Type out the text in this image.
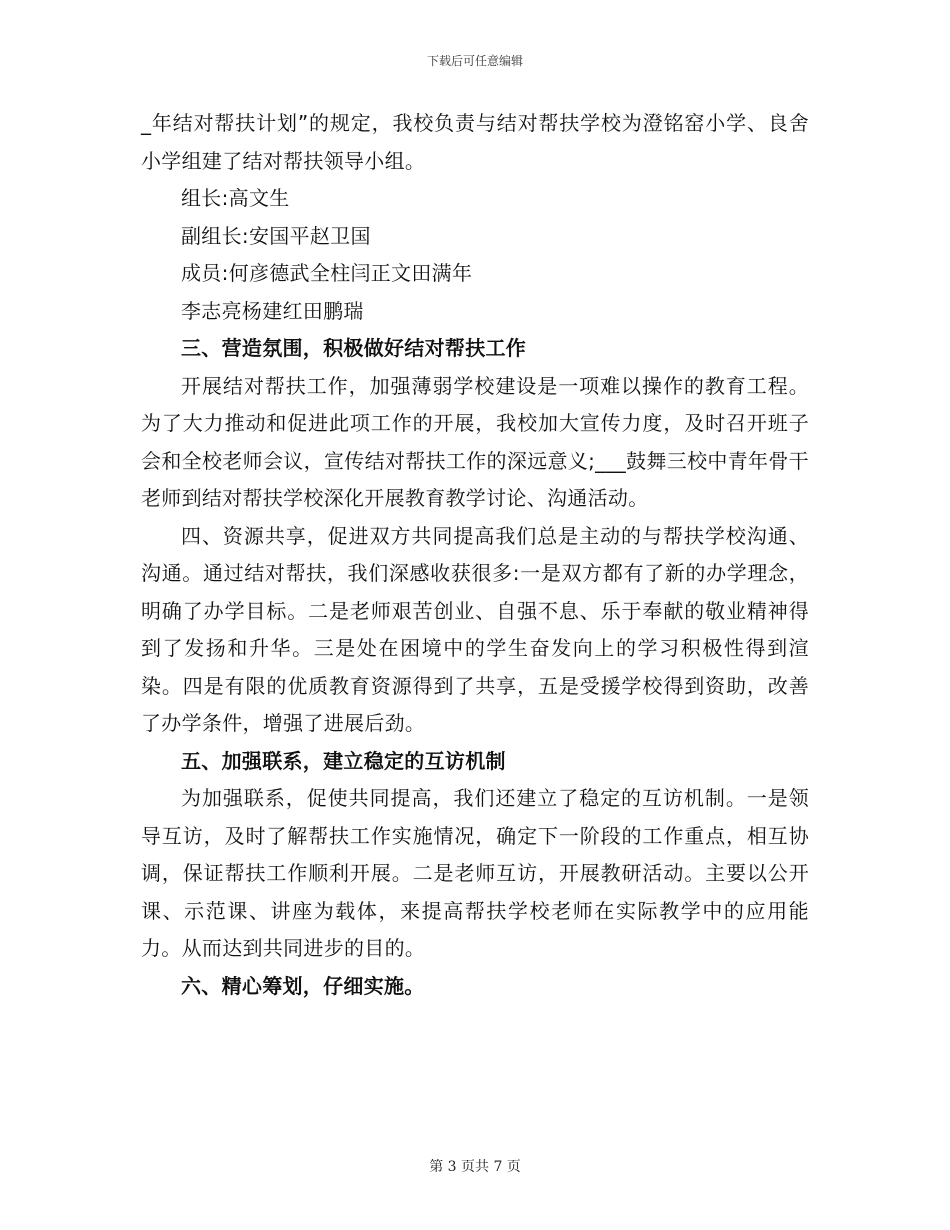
下载后可任意编辑

_年结对帮扶计划”的规定，我校负责与结对帮扶学校为澄铭窑小学、良舍小学组建了结对帮扶领导小组。

组长:高文生

副组长:安国平赵卫国

成员:何彦德武全柱闫正文田满年

李志亮杨建红田鹏瑞

三、营造氛围，积极做好结对帮扶工作

开展结对帮扶工作，加强薄弱学校建设是一项难以操作的教育工程。为了大力推动和促进此项工作的开展，我校加大宣传力度，及时召开班子会和全校老师会议，宣传结对帮扶工作的深远意义;___鼓舞三校中青年骨干老师到结对帮扶学校深化开展教育教学讨论、沟通活动。

四、资源共享，促进双方共同提高我们总是主动的与帮扶学校沟通、沟通。通过结对帮扶，我们深感收获很多:一是双方都有了新的办学理念，明确了办学目标。二是老师艰苦创业、自强不息、乐于奉献的敬业精神得到了发扬和升华。三是处在困境中的学生奋发向上的学习积极性得到渲染。四是有限的优质教育资源得到了共享，五是受援学校得到资助，改善了办学条件，增强了进展后劲。

五、加强联系，建立稳定的互访机制

为加强联系，促使共同提高，我们还建立了稳定的互访机制。一是领导互访，及时了解帮扶工作实施情况，确定下一阶段的工作重点，相互协调，保证帮扶工作顺利开展。二是老师互访，开展教研活动。主要以公开课、示范课、讲座为载体，来提高帮扶学校老师在实际教学中的应用能力。从而达到共同进步的目的。

六、精心筹划，仔细实施。

第 3 页共 7 页
